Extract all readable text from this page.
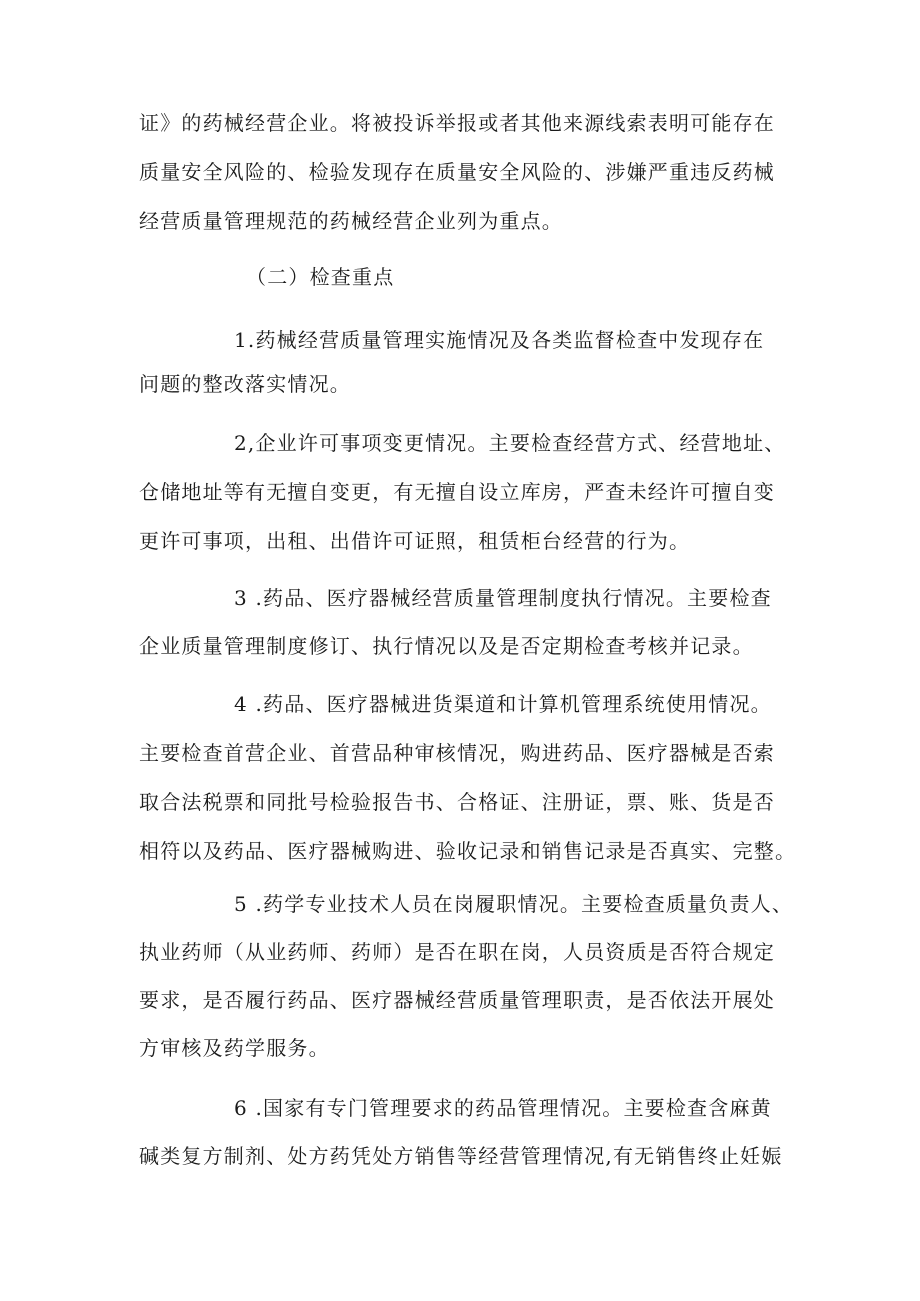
证》的药械经营企业。将被投诉举报或者其他来源线索表明可能存在
质量安全风险的、检验发现存在质量安全风险的、涉嫌严重违反药械
经营质量管理规范的药械经营企业列为重点。
（二）检查重点
1.药械经营质量管理实施情况及各类监督检查中发现存在
问题的整改落实情况。
2,企业许可事项变更情况。主要检查经营方式、经营地址、
仓储地址等有无擅自变更，有无擅自设立库房，严查未经许可擅自变
更许可事项，出租、出借许可证照，租赁柜台经营的行为。
3 .药品、医疗器械经营质量管理制度执行情况。主要检查
企业质量管理制度修订、执行情况以及是否定期检查考核并记录。
4 .药品、医疗器械进货渠道和计算机管理系统使用情况。
主要检查首营企业、首营品种审核情况，购进药品、医疗器械是否索
取合法税票和同批号检验报告书、合格证、注册证，票、账、货是否
相符以及药品、医疗器械购进、验收记录和销售记录是否真实、完整。
5 .药学专业技术人员在岗履职情况。主要检查质量负责人、
执业药师（从业药师、药师）是否在职在岗，人员资质是否符合规定
要求，是否履行药品、医疗器械经营质量管理职责，是否依法开展处
方审核及药学服务。
6 .国家有专门管理要求的药品管理情况。主要检查含麻黄
碱类复方制剂、处方药凭处方销售等经营管理情况,有无销售终止妊娠
